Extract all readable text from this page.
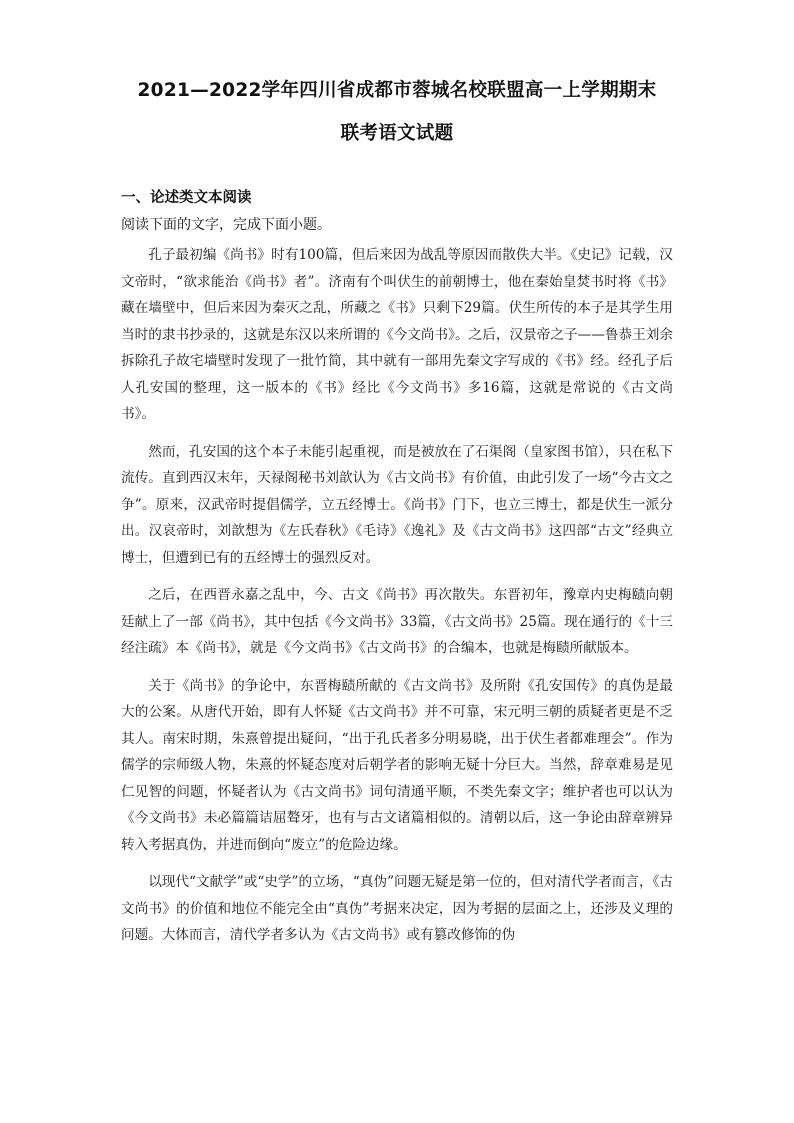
2021—2022学年四川省成都市蓉城名校联盟高一上学期期末
联考语文试题
一、论述类文本阅读
阅读下面的文字，完成下面小题。

孔子最初编《尚书》时有100篇，但后来因为战乱等原因而散佚大半。《史记》记载，汉文帝时，“欲求能治《尚书》者”。济南有个叫伏生的前朝博士，他在秦始皇焚书时将《书》藏在墙壁中，但后来因为秦灭之乱，所藏之《书》只剩下29篇。伏生所传的本子是其学生用当时的隶书抄录的，这就是东汉以来所谓的《今文尚书》。之后，汉景帝之子——鲁恭王刘余拆除孔子故宅墙壁时发现了一批竹简，其中就有一部用先秦文字写成的《书》经。经孔子后人孔安国的整理，这一版本的《书》经比《今文尚书》多16篇，这就是常说的《古文尚书》。

然而，孔安国的这个本子未能引起重视，而是被放在了石渠阁（皇家图书馆），只在私下流传。直到西汉末年，天禄阁秘书刘歆认为《古文尚书》有价值，由此引发了一场“今古文之争”。原来，汉武帝时提倡儒学，立五经博士。《尚书》门下，也立三博士，都是伏生一派分出。汉哀帝时，刘歆想为《左氏春秋》《毛诗》《逸礼》及《古文尚书》这四部“古文”经典立博士，但遭到已有的五经博士的强烈反对。

之后，在西晋永嘉之乱中，今、古文《尚书》再次散失。东晋初年，豫章内史梅赜向朝廷献上了一部《尚书》，其中包括《今文尚书》33篇，《古文尚书》25篇。现在通行的《十三经注疏》本《尚书》，就是《今文尚书》《古文尚书》的合编本，也就是梅赜所献版本。

关于《尚书》的争论中，东晋梅赜所献的《古文尚书》及所附《孔安国传》的真伪是最大的公案。从唐代开始，即有人怀疑《古文尚书》并不可靠，宋元明三朝的质疑者更是不乏其人。南宋时期，朱熹曾提出疑问，“出于孔氏者多分明易晓，出于伏生者都难理会”。作为儒学的宗师级人物，朱熹的怀疑态度对后朝学者的影响无疑十分巨大。当然，辞章难易是见仁见智的问题，怀疑者认为《古文尚书》词句清通平顺，不类先秦文字；维护者也可以认为《今文尚书》未必篇篇诘屈聱牙，也有与古文诸篇相似的。清朝以后，这一争论由辞章辨异转入考据真伪，并进而倒向“废立”的危险边缘。

以现代“文献学”或“史学”的立场，“真伪”问题无疑是第一位的，但对清代学者而言，《古文尚书》的价值和地位不能完全由“真伪”考据来决定，因为考据的层面之上，还涉及义理的问题。大体而言，清代学者多认为《古文尚书》或有篡改修饰的伪
